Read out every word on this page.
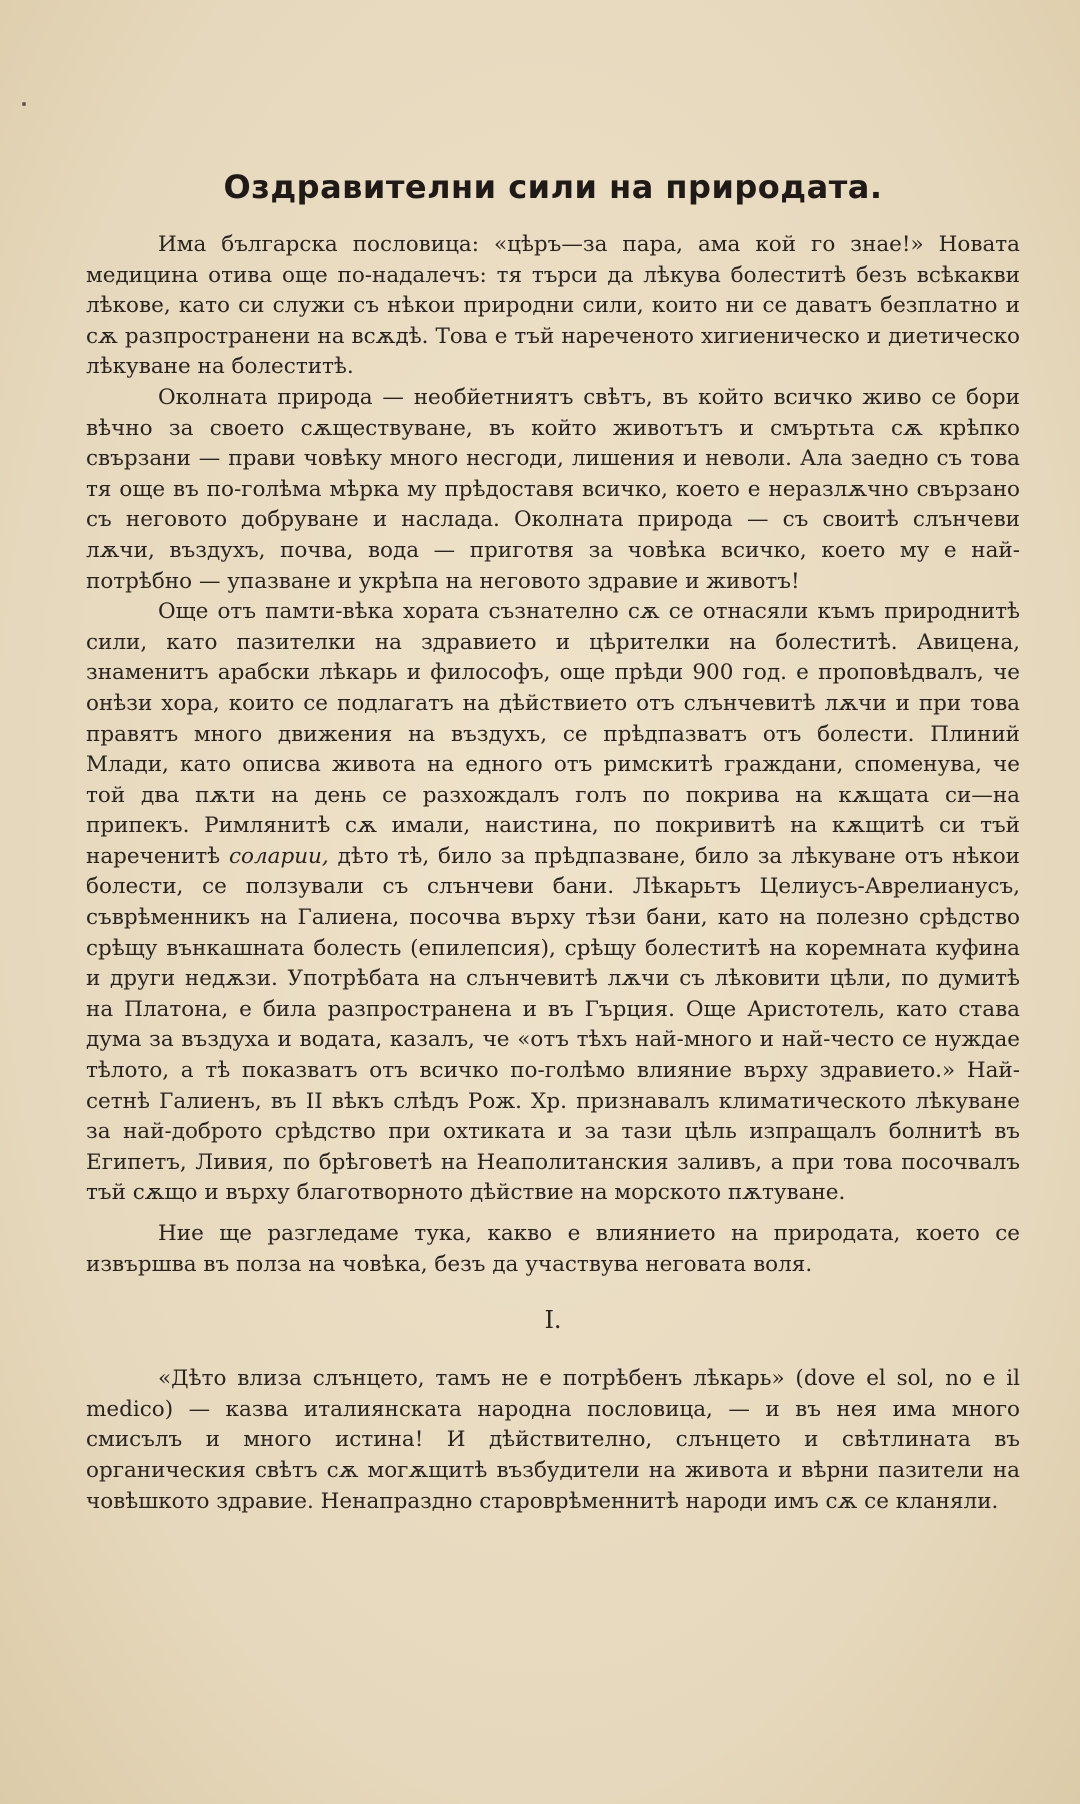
Оздравителни сили на природата.

Има българска пословица: «цѣръ—за пара, ама кой го знае!» Новата медицина отива още по-надалечъ: тя търси да лѣкува болеститѣ безъ всѣкакви лѣкове, като си служи съ нѣкои природни сили, които ни се даватъ безплатно и сѫ разпространени на всѫдѣ. Това е тъй нареченото хигиеническо и диетическо лѣкуване на болеститѣ.

Околната природа — необйетниятъ свѣтъ, въ който всичко живо се бори вѣчно за своето сѫществуване, въ който животътъ и смъртьта сѫ крѣпко свързани — прави човѣку много несгоди, лишения и неволи. Ала заедно съ това тя още въ по-голѣма мѣрка му прѣдоставя всичко, което е неразлѫчно свързано съ неговото добруване и наслада. Околната природа — съ своитѣ слънчеви лѫчи, въздухъ, почва, вода — приготвя за човѣка всичко, което му е най-потрѣбно — упазване и укрѣпа на неговото здравие и животъ!

Още отъ памти-вѣка хората съзнателно сѫ се отнасяли къмъ природнитѣ сили, като пазителки на здравието и цѣрителки на болеститѣ. Авицена, знаменитъ арабски лѣкарь и философъ, още прѣди 900 год. е проповѣдвалъ, че онѣзи хора, които се подлагатъ на дѣйствието отъ слънчевитѣ лѫчи и при това правятъ много движения на въздухъ, се прѣдпазватъ отъ болести. Плиний Млади, като описва живота на едного отъ римскитѣ граждани, споменува, че той два пѫти на день се разхождалъ голъ по покрива на кѫщата си—на припекъ. Римлянитѣ сѫ имали, наистина, по покривитѣ на кѫщитѣ си тъй нареченитѣ соларии, дѣто тѣ, било за прѣдпазване, било за лѣкуване отъ нѣкои болести, се ползували съ слънчеви бани. Лѣкарьтъ Целиусъ-Аврелианусъ, съврѣменникъ на Галиена, посочва върху тѣзи бани, като на полезно срѣдство срѣщу вънкашната болесть (епилепсия), срѣщу болеститѣ на коремната куфина и други недѫзи. Употрѣбата на слънчевитѣ лѫчи съ лѣковити цѣли, по думитѣ на Платона, е била разпространена и въ Гърция. Още Аристотель, като става дума за въздуха и водата, казалъ, че «отъ тѣхъ най-много и най-често се нуждае тѣлото, а тѣ показватъ отъ всичко по-голѣмо влияние върху здравието.» Най-сетнѣ Галиенъ, въ II вѣкъ слѣдъ Рож. Хр. признавалъ климатическото лѣкуване за най-доброто срѣдство при охтиката и за тази цѣль изпращалъ болнитѣ въ Египетъ, Ливия, по брѣговетѣ на Неаполитанския заливъ, а при това посочвалъ тъй сѫщо и върху благотворното дѣйствие на морското пѫтуване.

Ние ще разгледаме тука, какво е влиянието на природата, което се извършва въ полза на човѣка, безъ да участвува неговата воля.

I.

«Дѣто влиза слънцето, тамъ не е потрѣбенъ лѣкарь» (dove el sol, no e il medico) — казва италиянската народна пословица, — и въ нея има много смисълъ и много истина! И дѣйствително, слънцето и свѣтлината въ органическия свѣтъ сѫ могѫщитѣ възбудители на живота и вѣрни пазители на човѣшкото здравие. Ненапраздно староврѣменнитѣ народи имъ сѫ се кланяли.
